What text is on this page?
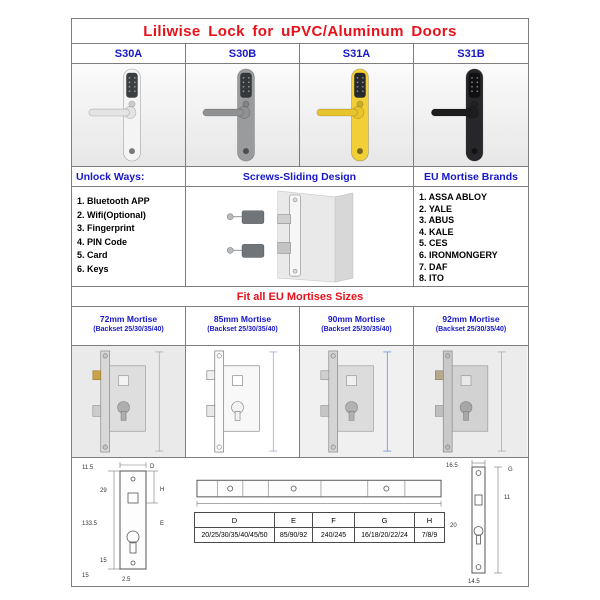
Liliwise Lock for uPVC/Aluminum Doors
S30A	S30B	S31A	S31B
Unlock Ways:	Screws-Sliding Design	EU Mortise Brands
1. Bluetooth APP
2. Wifi(Optional)
3. Fingerprint
4. PIN Code
5. Card
6. Keys
1. ASSA ABLOY
2. YALE
3. ABUS
4. KALE
5. CES
6. IRONMONGERY
7. DAF
8. ITO
Fit all EU Mortises Sizes
72mm Mortise
(Backset 25/30/35/40)
85mm Mortise
(Backset 25/30/35/40)
90mm Mortise
(Backset 25/30/35/40)
92mm Mortise
(Backset 25/30/35/40)
11.5	D
29	H
133.5	E
15
2.5
15
D	E	F	G	H
20/25/30/35/40/45/50	85/90/92	240/245	16/18/20/22/24	7/8/9
16.5
G
11
20
14.5
